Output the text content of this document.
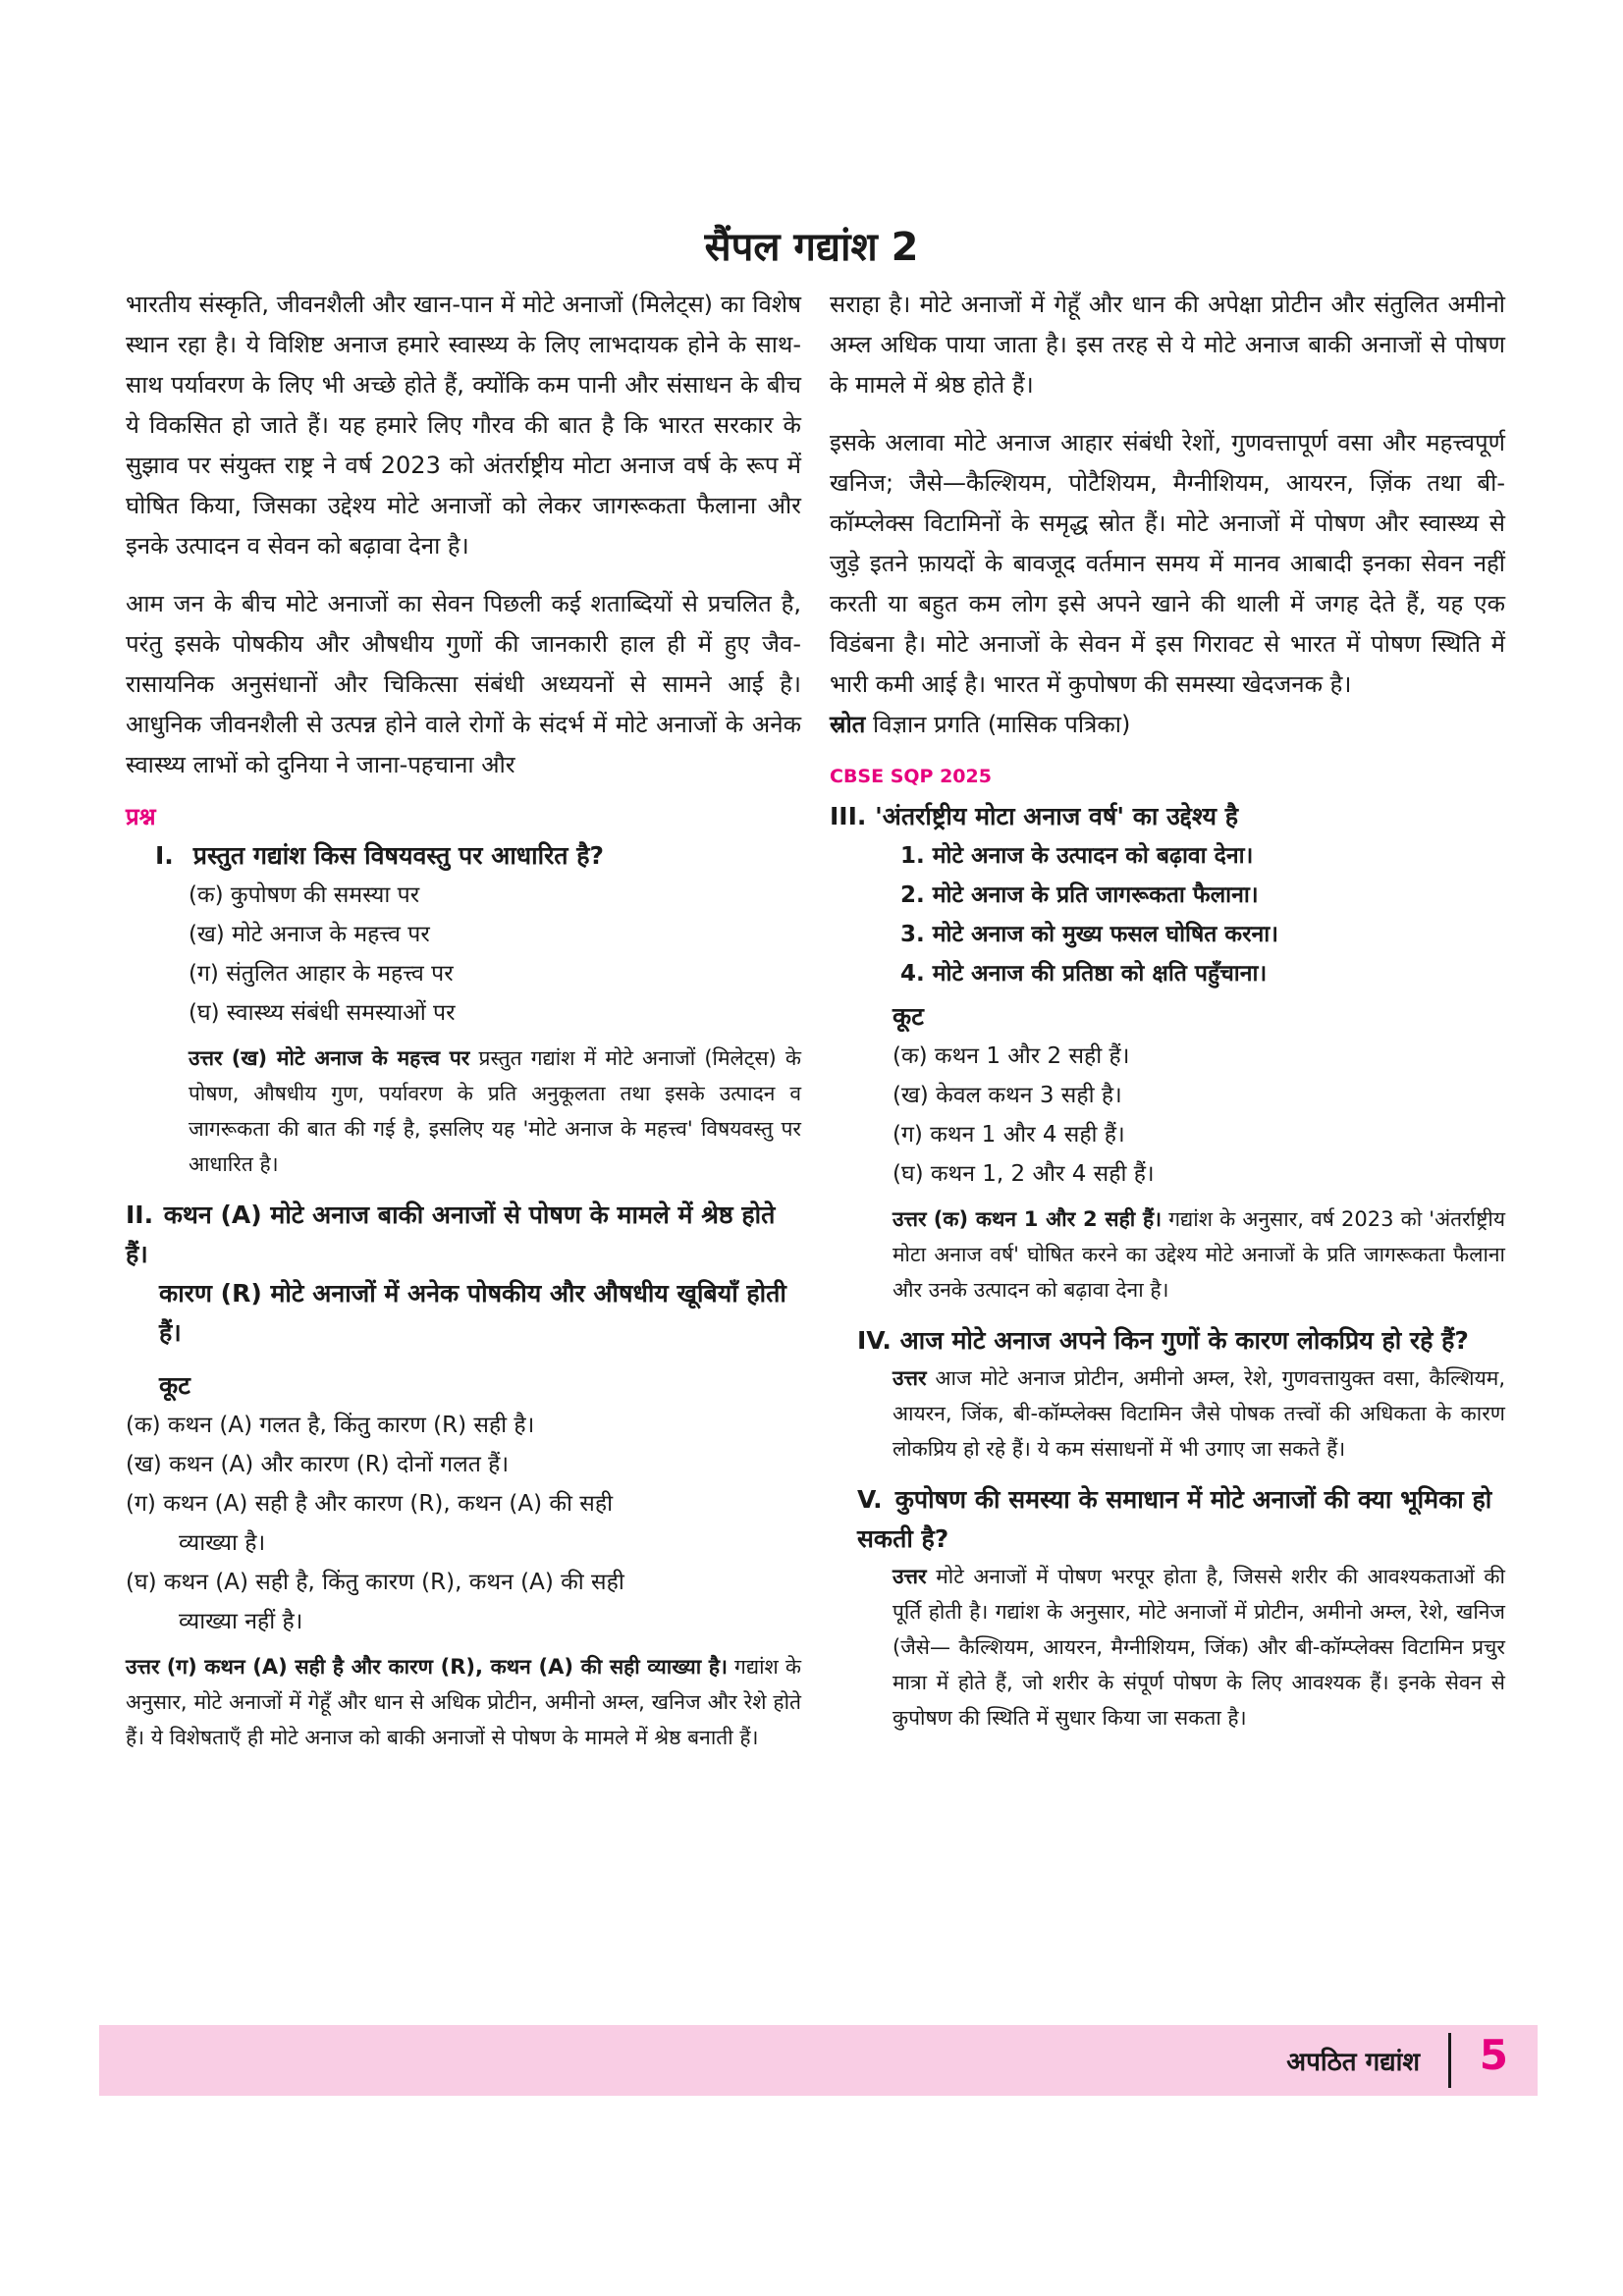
सैंपल गद्यांश 2

भारतीय संस्कृति, जीवनशैली और खान-पान में मोटे अनाजों (मिलेट्स) का विशेष स्थान रहा है। ये विशिष्ट अनाज हमारे स्वास्थ्य के लिए लाभदायक होने के साथ-साथ पर्यावरण के लिए भी अच्छे होते हैं, क्योंकि कम पानी और संसाधन के बीच ये विकसित हो जाते हैं। यह हमारे लिए गौरव की बात है कि भारत सरकार के सुझाव पर संयुक्त राष्ट्र ने वर्ष 2023 को अंतर्राष्ट्रीय मोटा अनाज वर्ष के रूप में घोषित किया, जिसका उद्देश्य मोटे अनाजों को लेकर जागरूकता फैलाना और इनके उत्पादन व सेवन को बढ़ावा देना है।

आम जन के बीच मोटे अनाजों का सेवन पिछली कई शताब्दियों से प्रचलित है, परंतु इसके पोषकीय और औषधीय गुणों की जानकारी हाल ही में हुए जैव-रासायनिक अनुसंधानों और चिकित्सा संबंधी अध्ययनों से सामने आई है। आधुनिक जीवनशैली से उत्पन्न होने वाले रोगों के संदर्भ में मोटे अनाजों के अनेक स्वास्थ्य लाभों को दुनिया ने जाना-पहचाना और

सराहा है। मोटे अनाजों में गेहूँ और धान की अपेक्षा प्रोटीन और संतुलित अमीनो अम्ल अधिक पाया जाता है। इस तरह से ये मोटे अनाज बाकी अनाजों से पोषण के मामले में श्रेष्ठ होते हैं।

इसके अलावा मोटे अनाज आहार संबंधी रेशों, गुणवत्तापूर्ण वसा और महत्त्वपूर्ण खनिज; जैसे—कैल्शियम, पोटैशियम, मैग्नीशियम, आयरन, ज़िंक तथा बी-कॉम्प्लेक्स विटामिनों के समृद्ध स्रोत हैं। मोटे अनाजों में पोषण और स्वास्थ्य से जुड़े इतने फ़ायदों के बावजूद वर्तमान समय में मानव आबादी इनका सेवन नहीं करती या बहुत कम लोग इसे अपने खाने की थाली में जगह देते हैं, यह एक विडंबना है। मोटे अनाजों के सेवन में इस गिरावट से भारत में पोषण स्थिति में भारी कमी आई है। भारत में कुपोषण की समस्या खेदजनक है।

स्रोत विज्ञान प्रगति (मासिक पत्रिका)

CBSE SQP 2025

प्रश्न

I. प्रस्तुत गद्यांश किस विषयवस्तु पर आधारित है?

(क) कुपोषण की समस्या पर
(ख) मोटे अनाज के महत्त्व पर
(ग) संतुलित आहार के महत्त्व पर
(घ) स्वास्थ्य संबंधी समस्याओं पर

उत्तर (ख) मोटे अनाज के महत्त्व पर प्रस्तुत गद्यांश में मोटे अनाजों (मिलेट्स) के पोषण, औषधीय गुण, पर्यावरण के प्रति अनुकूलता तथा इसके उत्पादन व जागरूकता की बात की गई है, इसलिए यह 'मोटे अनाज के महत्त्व' विषयवस्तु पर आधारित है।

II. कथन (A) मोटे अनाज बाकी अनाजों से पोषण के मामले में श्रेष्ठ होते हैं।

कारण (R) मोटे अनाजों में अनेक पोषकीय और औषधीय खूबियाँ होती हैं।

कूट

(क) कथन (A) गलत है, किंतु कारण (R) सही है।
(ख) कथन (A) और कारण (R) दोनों गलत हैं।
(ग) कथन (A) सही है और कारण (R), कथन (A) की सही
व्याख्या है।
(घ) कथन (A) सही है, किंतु कारण (R), कथन (A) की सही
व्याख्या नहीं है।

उत्तर (ग) कथन (A) सही है और कारण (R), कथन (A) की सही व्याख्या है। गद्यांश के अनुसार, मोटे अनाजों में गेहूँ और धान से अधिक प्रोटीन, अमीनो अम्ल, खनिज और रेशे होते हैं। ये विशेषताएँ ही मोटे अनाज को बाकी अनाजों से पोषण के मामले में श्रेष्ठ बनाती हैं।

III. 'अंतर्राष्ट्रीय मोटा अनाज वर्ष' का उद्देश्य है

1. मोटे अनाज के उत्पादन को बढ़ावा देना।
2. मोटे अनाज के प्रति जागरूकता फैलाना।
3. मोटे अनाज को मुख्य फसल घोषित करना।
4. मोटे अनाज की प्रतिष्ठा को क्षति पहुँचाना।

कूट

(क) कथन 1 और 2 सही हैं।
(ख) केवल कथन 3 सही है।
(ग) कथन 1 और 4 सही हैं।
(घ) कथन 1, 2 और 4 सही हैं।

उत्तर (क) कथन 1 और 2 सही हैं। गद्यांश के अनुसार, वर्ष 2023 को 'अंतर्राष्ट्रीय मोटा अनाज वर्ष' घोषित करने का उद्देश्य मोटे अनाजों के प्रति जागरूकता फैलाना और उनके उत्पादन को बढ़ावा देना है।

IV. आज मोटे अनाज अपने किन गुणों के कारण लोकप्रिय हो रहे हैं?

उत्तर आज मोटे अनाज प्रोटीन, अमीनो अम्ल, रेशे, गुणवत्तायुक्त वसा, कैल्शियम, आयरन, जिंक, बी-कॉम्प्लेक्स विटामिन जैसे पोषक तत्त्वों की अधिकता के कारण लोकप्रिय हो रहे हैं। ये कम संसाधनों में भी उगाए जा सकते हैं।

V. कुपोषण की समस्या के समाधान में मोटे अनाजों की क्या भूमिका हो सकती है?

उत्तर मोटे अनाजों में पोषण भरपूर होता है, जिससे शरीर की आवश्यकताओं की पूर्ति होती है। गद्यांश के अनुसार, मोटे अनाजों में प्रोटीन, अमीनो अम्ल, रेशे, खनिज (जैसे— कैल्शियम, आयरन, मैग्नीशियम, जिंक) और बी-कॉम्प्लेक्स विटामिन प्रचुर मात्रा में होते हैं, जो शरीर के संपूर्ण पोषण के लिए आवश्यक हैं। इनके सेवन से कुपोषण की स्थिति में सुधार किया जा सकता है।

अपठित गद्यांश 5
